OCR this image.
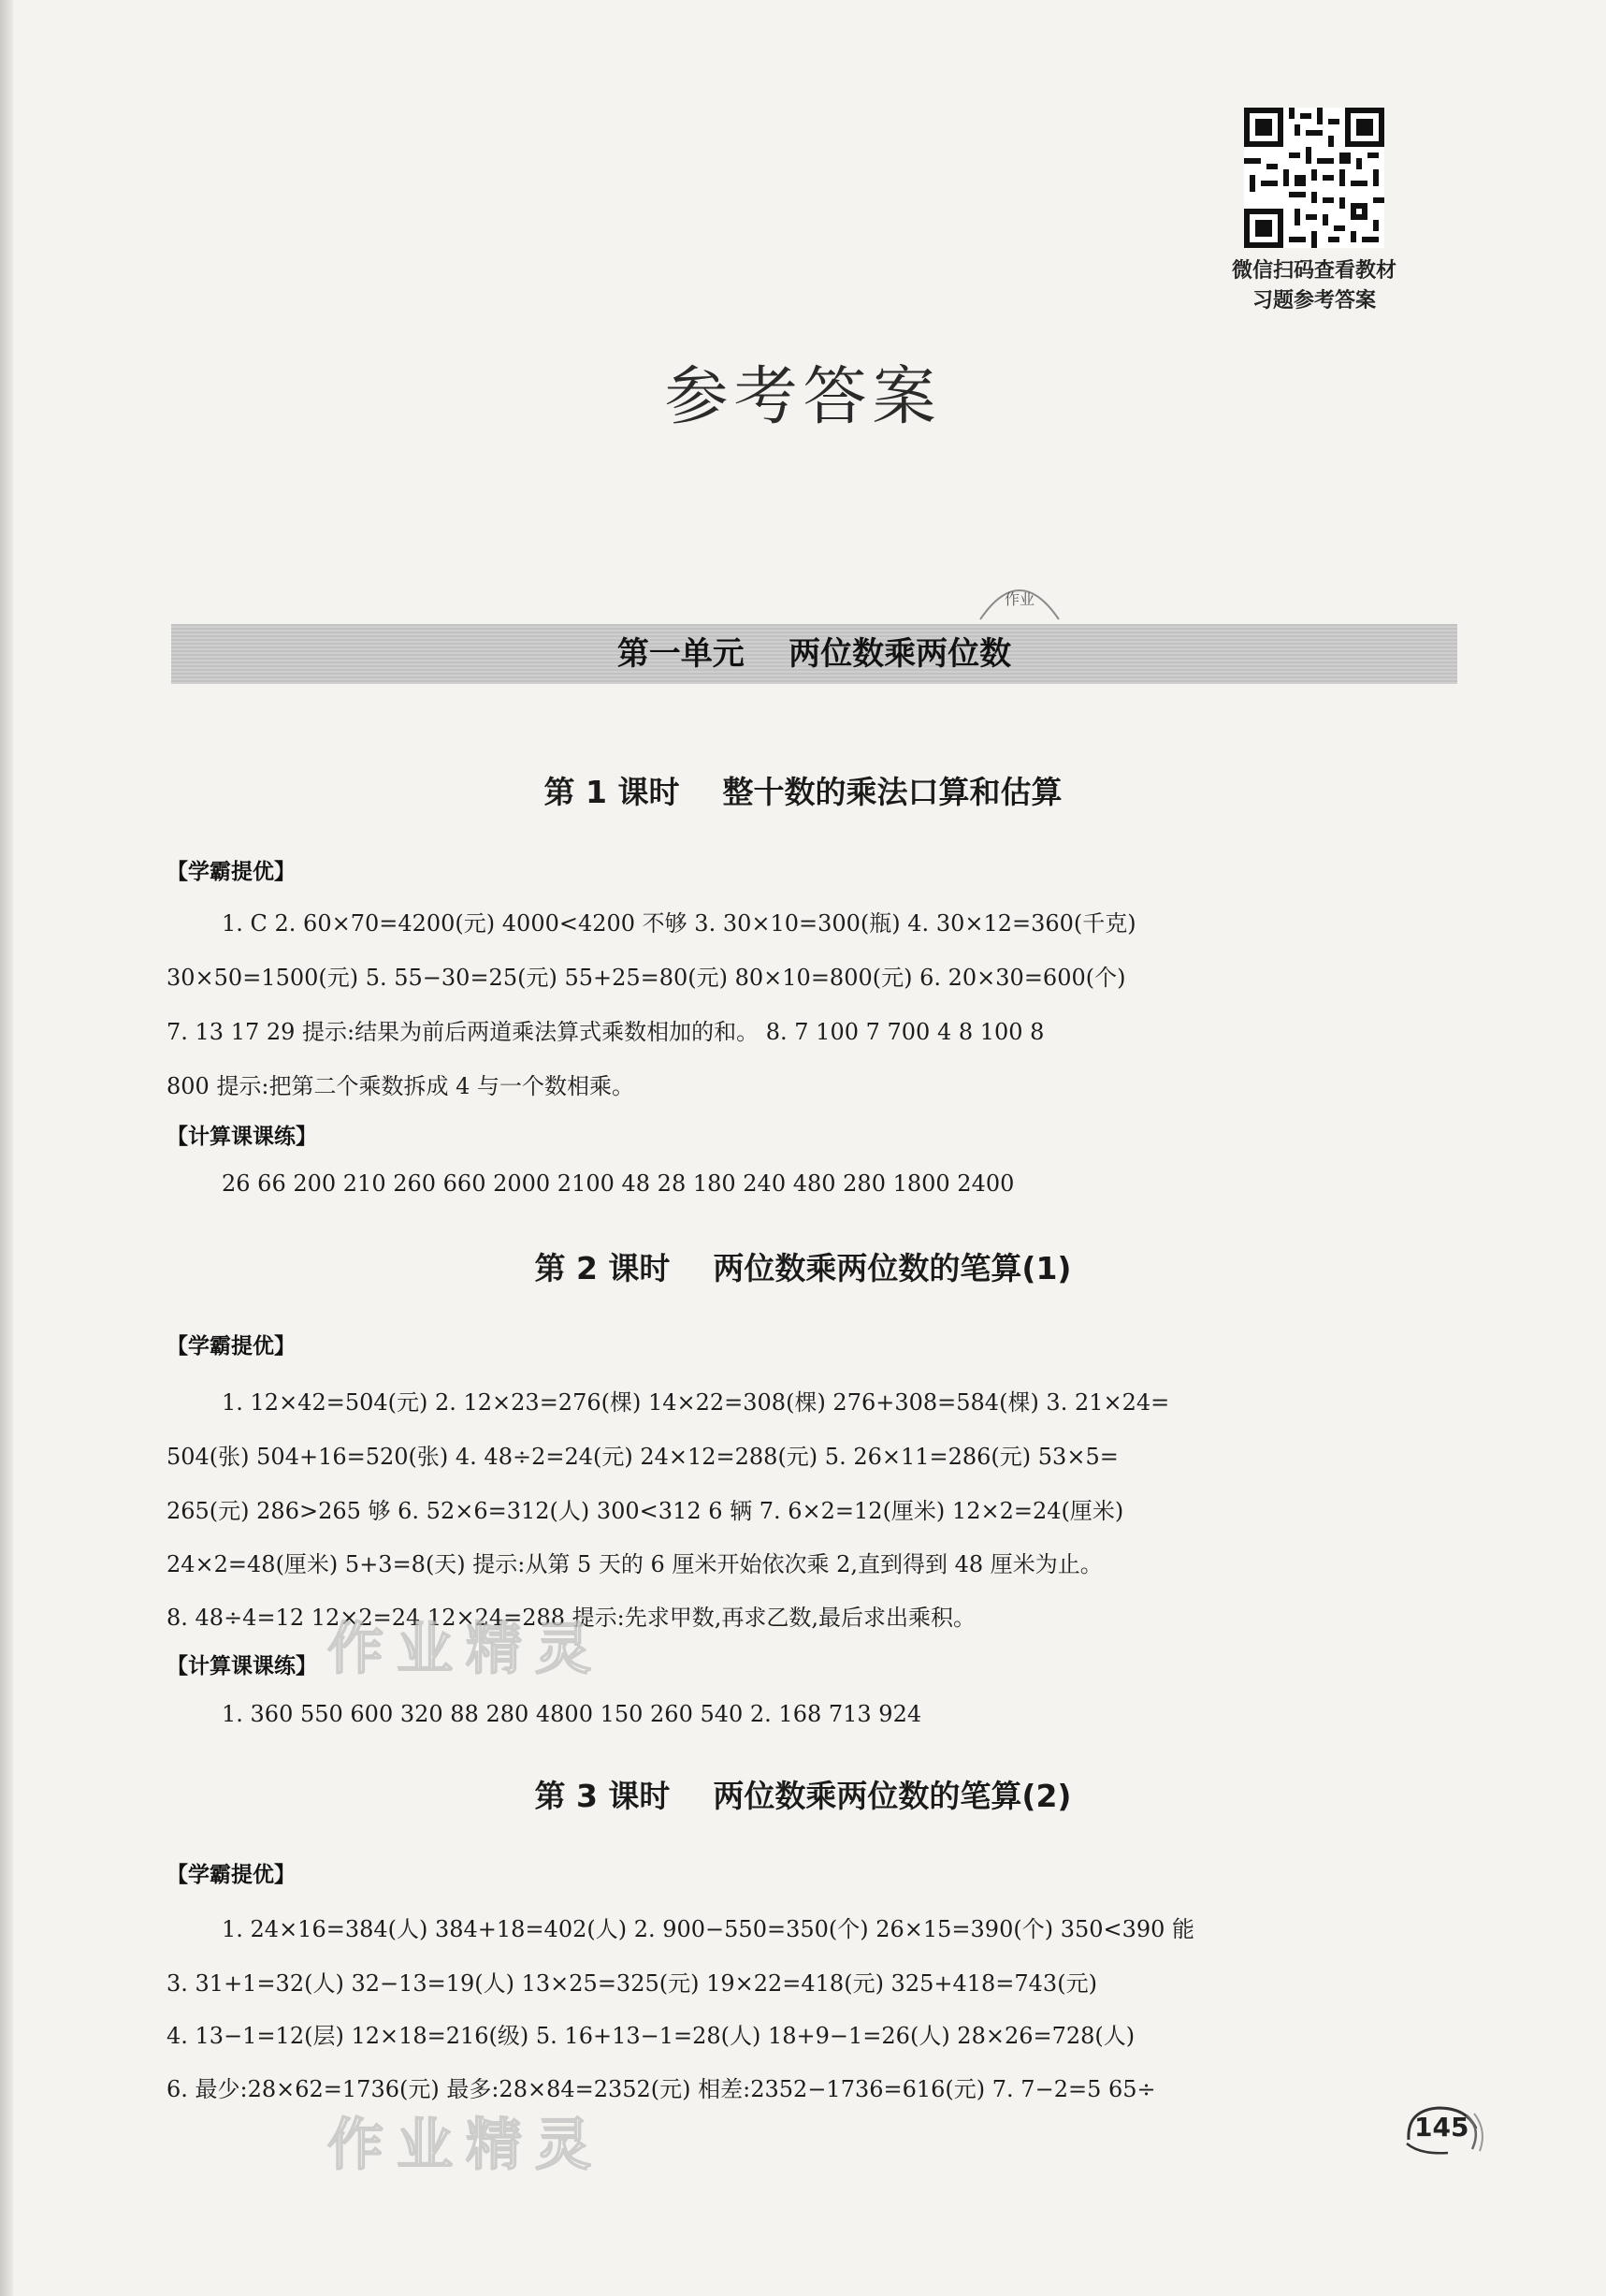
微信扫码查看教材
习题参考答案
参考答案
第一单元    两位数乘两位数
作业
第 1 课时    整十数的乘法口算和估算
【学霸提优】
1. C 2. 60×70=4200(元) 4000<4200 不够 3. 30×10=300(瓶) 4. 30×12=360(千克)
30×50=1500(元) 5. 55−30=25(元) 55+25=80(元) 80×10=800(元) 6. 20×30=600(个)
7. 13 17 29 提示:结果为前后两道乘法算式乘数相加的和。 8. 7 100 7 700 4 8 100 8
800 提示:把第二个乘数拆成 4 与一个数相乘。
【计算课课练】
26 66 200 210 260 660 2000 2100 48 28 180 240 480 280 1800 2400
第 2 课时    两位数乘两位数的笔算(1)
【学霸提优】
1. 12×42=504(元) 2. 12×23=276(棵) 14×22=308(棵) 276+308=584(棵) 3. 21×24=
504(张) 504+16=520(张) 4. 48÷2=24(元) 24×12=288(元) 5. 26×11=286(元) 53×5=
265(元) 286>265 够 6. 52×6=312(人) 300<312 6 辆 7. 6×2=12(厘米) 12×2=24(厘米)
24×2=48(厘米) 5+3=8(天) 提示:从第 5 天的 6 厘米开始依次乘 2,直到得到 48 厘米为止。
8. 48÷4=12 12×2=24 12×24=288 提示:先求甲数,再求乙数,最后求出乘积。
【计算课课练】
1. 360 550 600 320 88 280 4800 150 260 540 2. 168 713 924
第 3 课时    两位数乘两位数的笔算(2)
【学霸提优】
1. 24×16=384(人) 384+18=402(人) 2. 900−550=350(个) 26×15=390(个) 350<390 能
3. 31+1=32(人) 32−13=19(人) 13×25=325(元) 19×22=418(元) 325+418=743(元)
4. 13−1=12(层) 12×18=216(级) 5. 16+13−1=28(人) 18+9−1=26(人) 28×26=728(人)
6. 最少:28×62=1736(元) 最多:28×84=2352(元) 相差:2352−1736=616(元) 7. 7−2=5 65÷
作业精灵
作业精灵	145
